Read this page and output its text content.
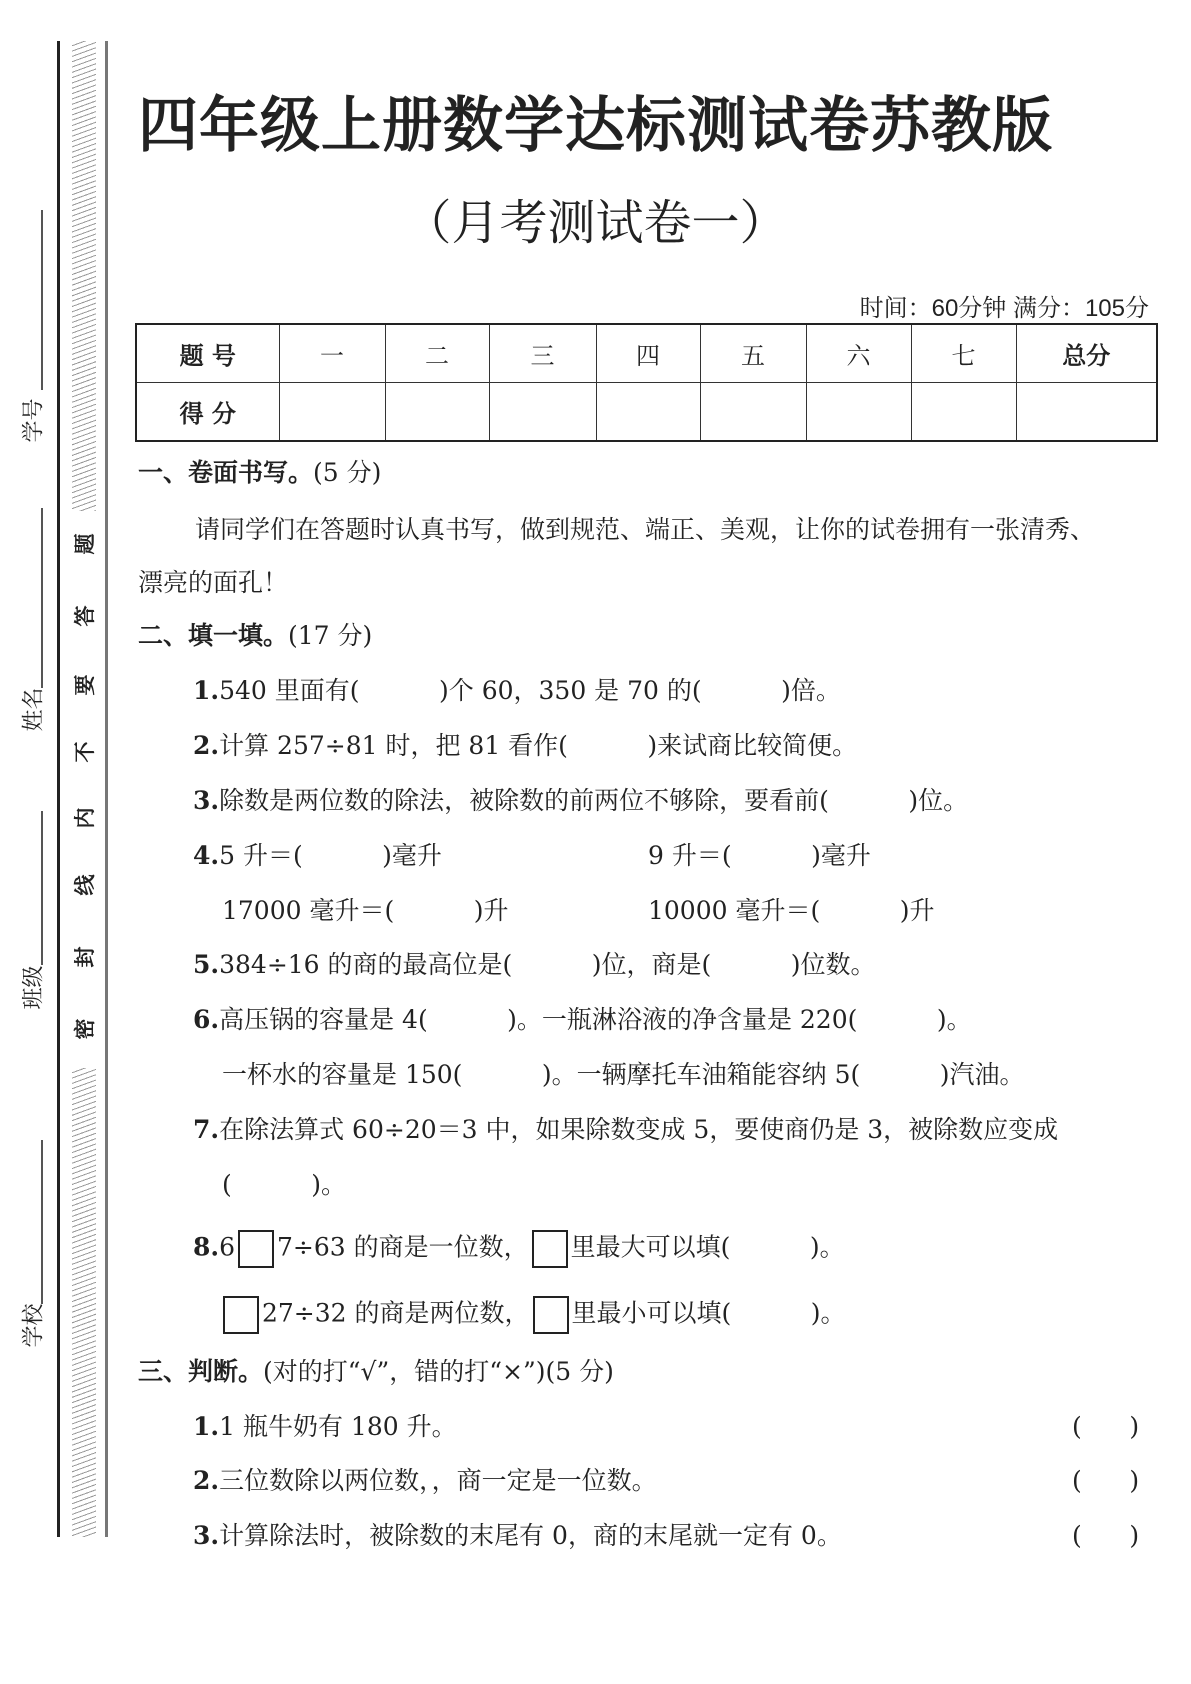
学号
姓名
班级
学校
密
封
线
内
不
要
答
题
四年级上册数学达标测试卷苏教版
（月考测试卷一）
时间：60分钟 满分：105分
题 号	一	二	三	四	五	六	七	总分
得 分								
一、卷面书写。(5 分)
请同学们在答题时认真书写，做到规范、端正、美观，让你的试卷拥有一张清秀、
漂亮的面孔！
二、填一填。(17 分)
1.540 里面有(          )个 60，350 是 70 的(          )倍。
2.计算 257÷81 时，把 81 看作(          )来试商比较简便。
3.除数是两位数的除法，被除数的前两位不够除，要看前(          )位。
4.5 升＝(          )毫升	9 升＝(          )毫升
17000 毫升＝(          )升	10000 毫升＝(          )升
5.384÷16 的商的最高位是(          )位，商是(          )位数。
6.高压锅的容量是 4(          )。一瓶淋浴液的净含量是 220(          )。
一杯水的容量是 150(          )。一辆摩托车油箱能容纳 5(          )汽油。
7.在除法算式 60÷20＝3 中，如果除数变成 5，要使商仍是 3，被除数应变成
(          )。
8.6 7÷63 的商是一位数， 里最大可以填(          )。
27÷32 的商是两位数， 里最小可以填(          )。
三、判断。(对的打“√”，错的打“×”)(5 分)
1.1 瓶牛奶有 180 升。	(      )
2.三位数除以两位数，，商一定是一位数。	(      )
3.计算除法时，被除数的末尾有 0，商的末尾就一定有 0。	(      )
